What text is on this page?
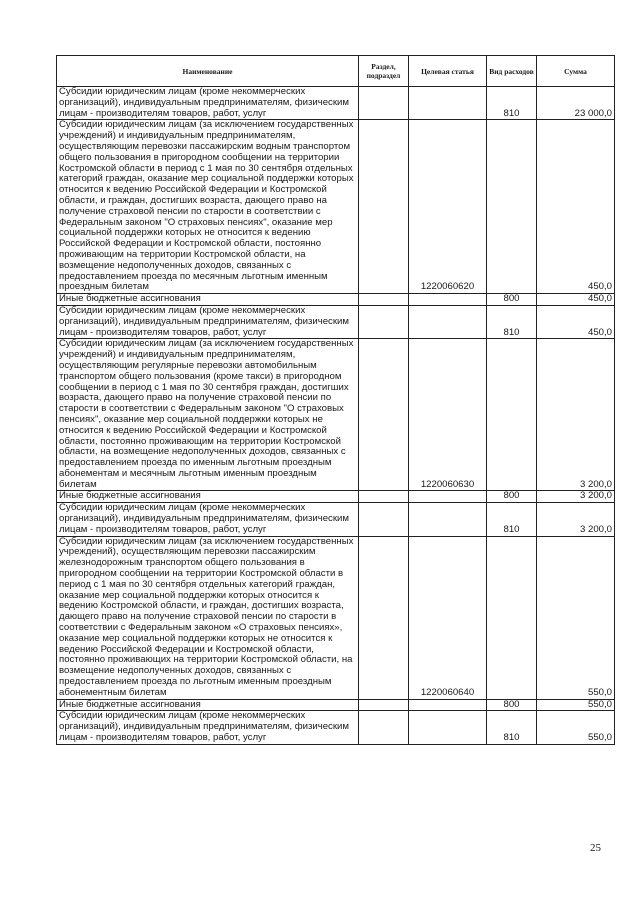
Наименование	Раздел, подраздел	Целевая статья	Вид расходов	Сумма
Субсидии юридическим лицам (кроме некоммерческих организаций), индивидуальным предпринимателям, физическим лицам - производителям товаров, работ, услуг			810	23 000,0
Субсидии юридическим лицам (за исключением государственных учреждений) и индивидуальным предпринимателям, осуществляющим перевозки пассажирским водным транспортом общего пользования в пригородном сообщении на территории Костромской области в период с 1 мая по 30 сентября отдельных категорий граждан, оказание мер социальной поддержки которых относится к ведению Российской Федерации и Костромской области, и граждан, достигших возраста, дающего право на получение страховой пенсии по старости в соответствии с Федеральным законом "О страховых пенсиях", оказание мер социальной поддержки которых не относится к ведению Российской Федерации и Костромской области, постоянно проживающим на территории Костромской области, на возмещение недополученных доходов, связанных с предоставлением проезда по месячным льготным именным проездным билетам		1220060620		450,0
Иные бюджетные ассигнования			800	450,0
Субсидии юридическим лицам (кроме некоммерческих организаций), индивидуальным предпринимателям, физическим лицам - производителям товаров, работ, услуг			810	450,0
Субсидии юридическим лицам (за исключением государственных учреждений) и индивидуальным предпринимателям, осуществляющим регулярные перевозки автомобильным транспортом общего пользования (кроме такси) в пригородном сообщении в период с 1 мая по 30 сентября граждан, достигших возраста, дающего право на получение страховой пенсии по старости в соответствии с Федеральным законом "О страховых пенсиях", оказание мер социальной поддержки которых не относится к ведению Российской Федерации и Костромской области, постоянно проживающим на территории Костромской области, на возмещение недополученных доходов, связанных с предоставлением проезда по именным льготным проездным абонементам и месячным льготным именным проездным билетам		1220060630		3 200,0
Иные бюджетные ассигнования			800	3 200,0
Субсидии юридическим лицам (кроме некоммерческих организаций), индивидуальным предпринимателям, физическим лицам - производителям товаров, работ, услуг			810	3 200,0
Субсидии юридическим лицам (за исключением государственных учреждений), осуществляющим перевозки пассажирским железнодорожным транспортом общего пользования в пригородном сообщении на территории Костромской области в период с 1 мая по 30 сентября отдельных категорий граждан, оказание мер социальной поддержки которых относится к ведению Костромской области, и граждан, достигших возраста, дающего право на получение страховой пенсии по старости в соответствии с Федеральным законом «О страховых пенсиях», оказание мер социальной поддержки которых не относится к ведению Российской Федерации и Костромской области, постоянно проживающих на территории Костромской области, на возмещение недополученных доходов, связанных с предоставлением проезда по льготным именным проездным абонементным билетам		1220060640		550,0
Иные бюджетные ассигнования			800	550,0
Субсидии юридическим лицам (кроме некоммерческих организаций), индивидуальным предпринимателям, физическим лицам - производителям товаров, работ, услуг			810	550,0
25
